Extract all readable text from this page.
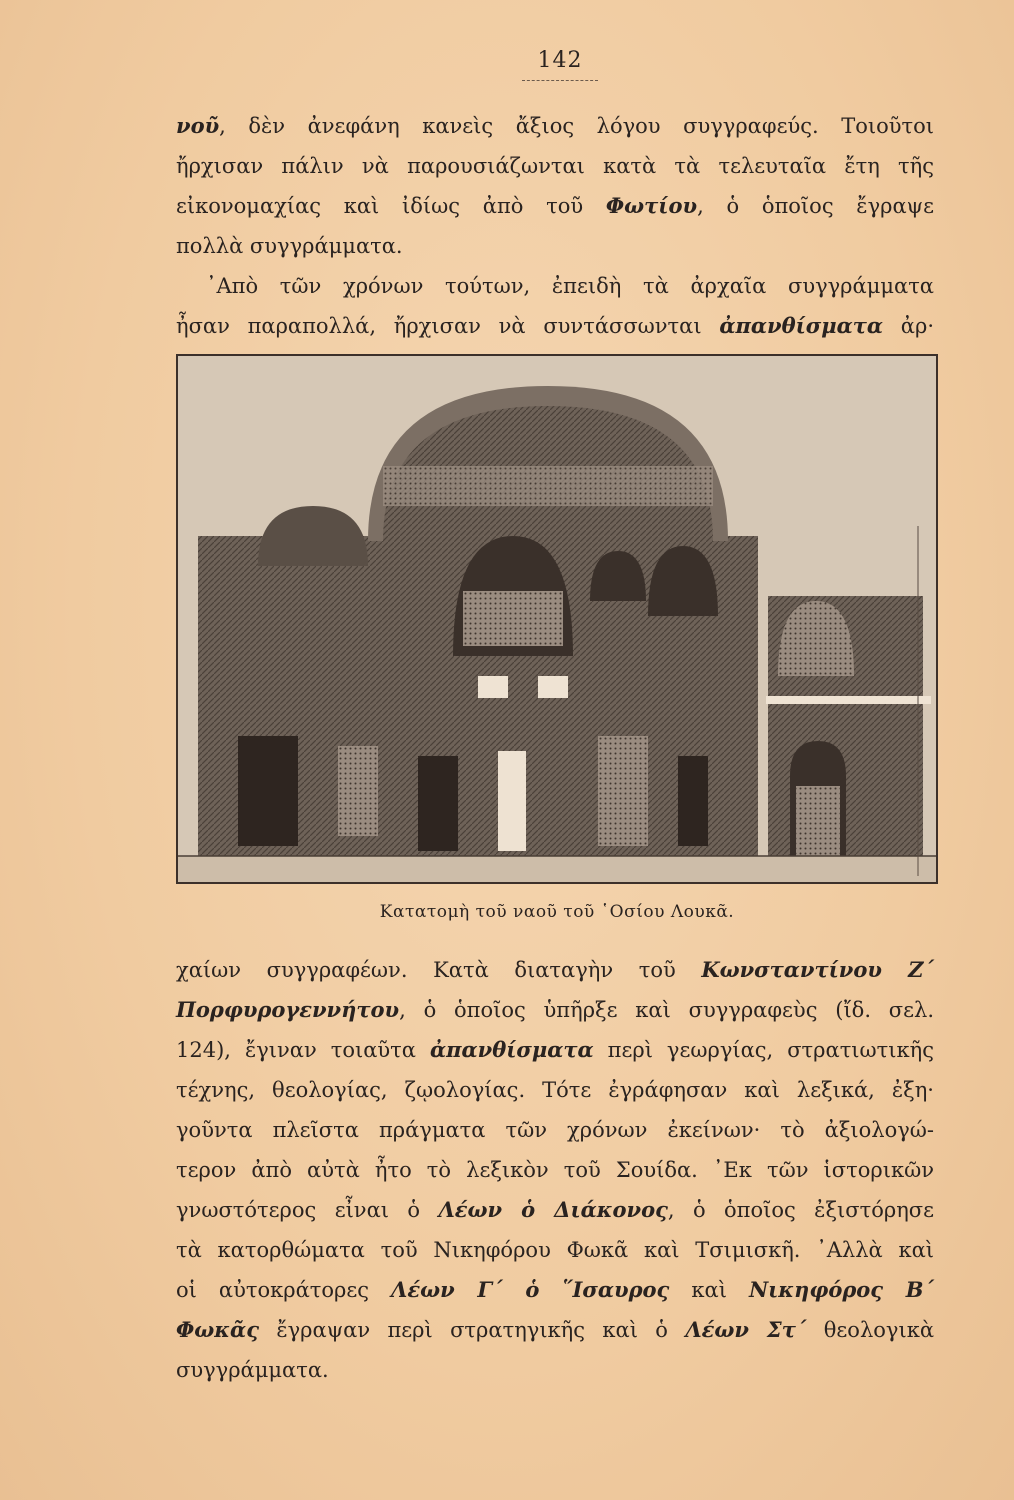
142
νοῦ, δὲν ἀνεφάνη κανεὶς ἄξιος λόγου συγγραφεύς. Τοιοῦτοι
ἤρχισαν πάλιν νὰ παρουσιάζωνται κατὰ τὰ τελευταῖα ἔτη τῆς
εἰκονομαχίας καὶ ἰδίως ἀπὸ τοῦ Φωτίου, ὁ ὁποῖος ἔγραψε
πολλὰ συγγράμματα.
᾿Απὸ τῶν χρόνων τούτων, ἐπειδὴ τὰ ἀρχαῖα συγγράμματα
ἦσαν παραπολλά, ἤρχισαν νὰ συντάσσωνται ἀπανθίσματα ἀρ·
Κατατομὴ τοῦ ναοῦ τοῦ ῾Οσίου Λουκᾶ.
χαίων συγγραφέων. Κατὰ διαταγὴν τοῦ Κωνσταντίνου Ζ΄
Πορφυρογεννήτου, ὁ ὁποῖος ὑπῆρξε καὶ συγγραφεὺς (ἴδ. σελ.
124), ἔγιναν τοιαῦτα ἀπανθίσματα περὶ γεωργίας, στρατιωτικῆς
τέχνης, θεολογίας, ζῳολογίας. Τότε ἐγράφησαν καὶ λεξικά, ἐξη·
γοῦντα πλεῖστα πράγματα τῶν χρόνων ἐκείνων· τὸ ἀξιολογώ-
τερον ἀπὸ αὐτὰ ἦτο τὸ λεξικὸν τοῦ Σουίδα. ᾿Εκ τῶν ἱστορικῶν
γνωστότερος εἶναι ὁ Λέων ὁ Διάκονος, ὁ ὁποῖος ἐξιστόρησε
τὰ κατορθώματα τοῦ Νικηφόρου Φωκᾶ καὶ Τσιμισκῆ. ᾿Αλλὰ καὶ
οἱ αὐτοκράτορες Λέων Γ΄ ὁ ῞Ισαυρος καὶ Νικηφόρος Β΄
Φωκᾶς ἔγραψαν περὶ στρατηγικῆς καὶ ὁ Λέων Στ΄ θεολογικὰ
συγγράμματα.
